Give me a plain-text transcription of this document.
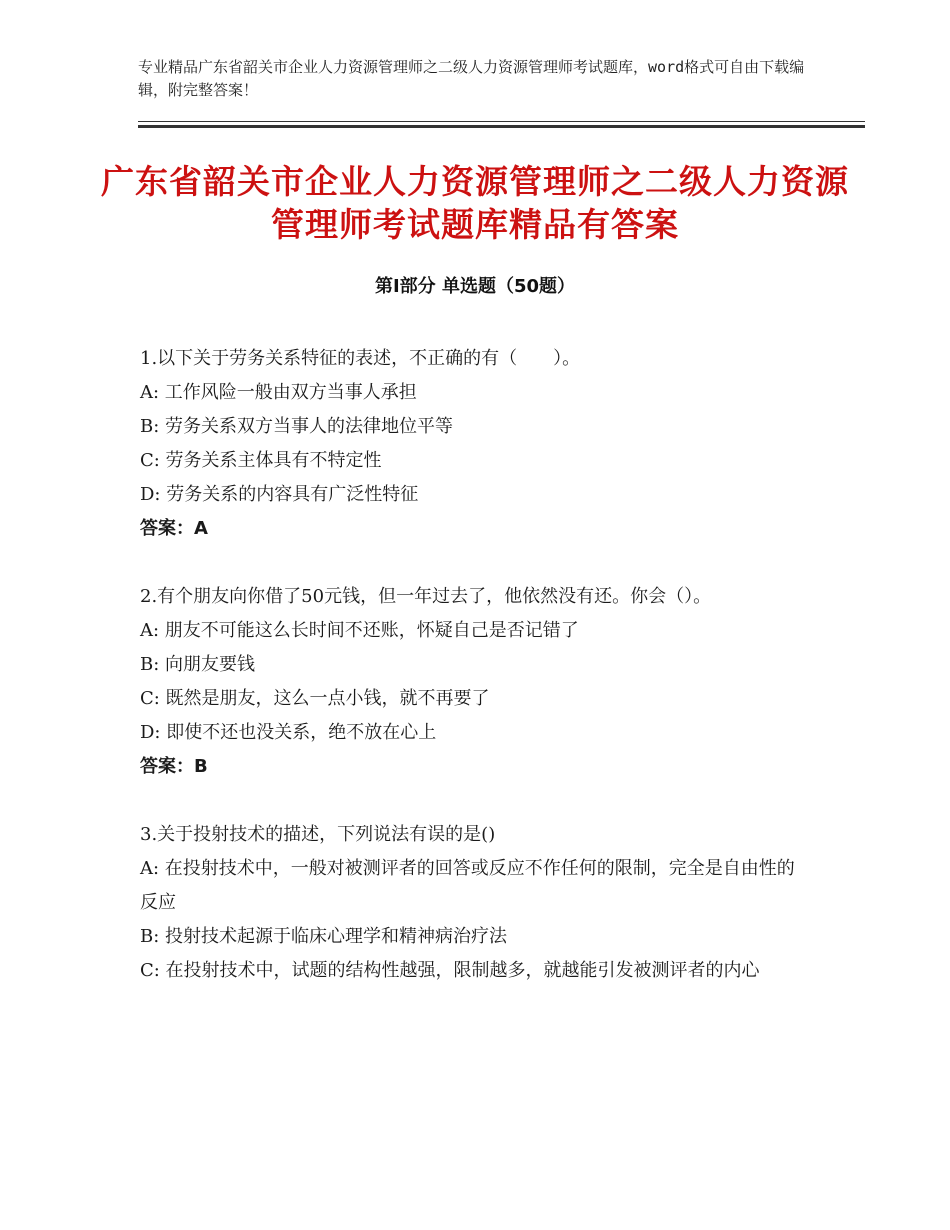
专业精品广东省韶关市企业人力资源管理师之二级人力资源管理师考试题库，word格式可自由下载编辑，附完整答案！
广东省韶关市企业人力资源管理师之二级人力资源管理师考试题库精品有答案
第Ⅰ部分 单选题（50题）
1.以下关于劳务关系特征的表述，不正确的有（　　）。
A: 工作风险一般由双方当事人承担
B: 劳务关系双方当事人的法律地位平等
C: 劳务关系主体具有不特定性
D: 劳务关系的内容具有广泛性特征
答案：A
2.有个朋友向你借了50元钱，但一年过去了，他依然没有还。你会（）。
A: 朋友不可能这么长时间不还账，怀疑自己是否记错了
B: 向朋友要钱
C: 既然是朋友，这么一点小钱，就不再要了
D: 即使不还也没关系，绝不放在心上
答案：B
3.关于投射技术的描述，下列说法有误的是()
A: 在投射技术中，一般对被测评者的回答或反应不作任何的限制，完全是自由性的反应
B: 投射技术起源于临床心理学和精神病治疗法
C: 在投射技术中，试题的结构性越强，限制越多，就越能引发被测评者的内心
